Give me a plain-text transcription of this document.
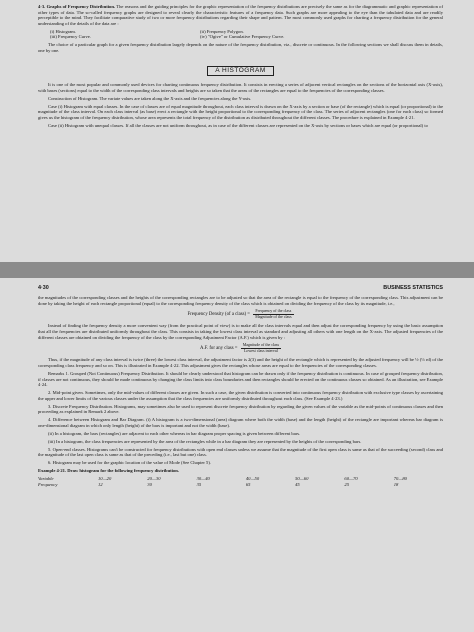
4·3. Graphs of Frequency Distribution. The reasons and the guiding principles for the graphic representation of the frequency distributions are precisely the same as for the diagrammatic and graphic representation of other types of data. The so-called frequency graphs are designed to reveal clearly the characteristic features of a frequency data. Such graphs are more appealing to the eye than the tabulated data and are readily perceptible to the mind. They facilitate comparative study of two or more frequency distributions regarding their shape and pattern. The most commonly used graphs for charting a frequency distribution for the general understanding of the details of the data are :

(i) Histogram.	(ii) Frequency Polygon.
(iii) Frequency Curve.	(iv) "Ogive" or Cumulative Frequency Curve.

The choice of a particular graph for a given frequency distribution largely depends on the nature of the frequency distribution, viz., discrete or continuous. In the following sections we shall discuss them in details, one by one.

A HISTOGRAM

It is one of the most popular and commonly used devices for charting continuous frequency distribution. It consists in erecting a series of adjacent vertical rectangles on the sections of the horizontal axis (X-axis), with bases (sections) equal to the width of the corresponding class intervals and heights are so taken that the areas of the rectangles are equal to the frequencies of the corresponding classes.

Construction of Histogram. The variate values are taken along the X-axis and the frequencies along the Y-axis.

Case (i) Histogram with equal classes. In the case of classes are of equal magnitude throughout, each class interval is drawn on the X-axis by a section or base (of the rectangle) which is equal (or proportional) to the magnitude of the class interval. On each class interval (as base) erect a rectangle with the height proportional to the corresponding frequency of the class. The series of adjacent rectangles (one for each class) so formed gives us the histogram of the frequency distribution, whose area represents the total frequency of the distribution as distributed throughout the different classes. The procedure is explained in Example 4·21.

Case (ii) Histogram with unequal classes. If all the classes are not uniform throughout, as in case of the different classes are represented on the X-axis by sections or bases which are equal (or proportional) to

4·30	BUSINESS STATISTICS

the magnitudes of the corresponding classes and the heights of the corresponding rectangles are to be adjusted so that the area of the rectangle is equal to the frequency of the corresponding class. This adjustment can be done by taking the height of each rectangle proportional (equal) to the corresponding frequency density of the class which is obtained on dividing the frequency of the class by its magnitude, i.e.,

Frequency Density (of a class) = $\frac{\text{Frequency of the class}}{\text{Magnitude of the class}}$

Instead of finding the frequency density a more convenient way (from the practical point of view) is to make all the class intervals equal and then adjust the corresponding frequency by using the basic assumption that all the frequencies are distributed uniformly throughout the class. This consists in taking the lowest class interval as standard and adjusting all others with one length on the X-axis. The adjusted frequencies of the different classes are obtained on dividing the frequency of the class by the corresponding Adjustment Factor (A.F.) which is given by :

A.F. for any class = $\frac{\text{Magnitude of the class}}{\text{Lowest class interval}}$

Thus, if the magnitude of any class interval is twice (three) the lowest class interval, the adjustment factor is 2(3) and the height of the rectangle which is represented by the adjusted frequency will be ½ (⅓ rd) of the corresponding class frequency and so on. This is illustrated in Example 4·22. This adjustment gives the rectangles whose areas are equal to the frequencies of the corresponding classes.

Remarks 1. Grouped (Not Continuous) Frequency Distribution. It should be clearly understood that histogram can be drawn only if the frequency distribution is continuous. In case of grouped frequency distribution, if classes are not continuous, they should be made continuous by changing the class limits into class boundaries and then rectangles should be erected on the continuous classes so obtained. As an illustration, see Example 4·24.

2. Mid-point given. Sometimes, only the mid-values of different classes are given. In such a case, the given distribution is converted into continuous frequency distribution with exclusive type classes by ascertaining the upper and lower limits of the various classes under the assumption that the class frequencies are uniformly distributed throughout each class. (See Example 4·23.)

3. Discrete Frequency Distribution. Histograms, may sometimes also be used to represent discrete frequency distribution by regarding the given values of the variable as the mid-points of continuous classes and then proceeding as explained in Remark 2 above.

4. Difference between Histogram and Bar Diagram. (i) A histogram is a two-dimensional (area) diagram where both the width (base) and the length (height) of the rectangle are important whereas bar diagram is one-dimensional diagram in which only length (height) of the bars is important and not the width (base).

(ii) In a histogram, the bars (rectangles) are adjacent to each other whereas in bar diagram proper spacing is given between different bars.

(iii) In a histogram, the class frequencies are represented by the area of the rectangles while in a bar diagram they are represented by the heights of the corresponding bars.

5. Open-end classes. Histograms can't be constructed for frequency distributions with open end classes unless we assume that the magnitude of the first open class is same as that of the succeeding (second) class and the magnitude of the last open class is same as that of the preceding (i.e., last but one) class.

6. Histogram may be used for the graphic location of the value of Mode (See Chapter 5).

Example 4·21. Draw histogram for the following frequency distribution.

Variable	10—20	20—30	30—40	40—50	50—60	60—70	70—80
Frequency	12	30	35	65	45	25	18
